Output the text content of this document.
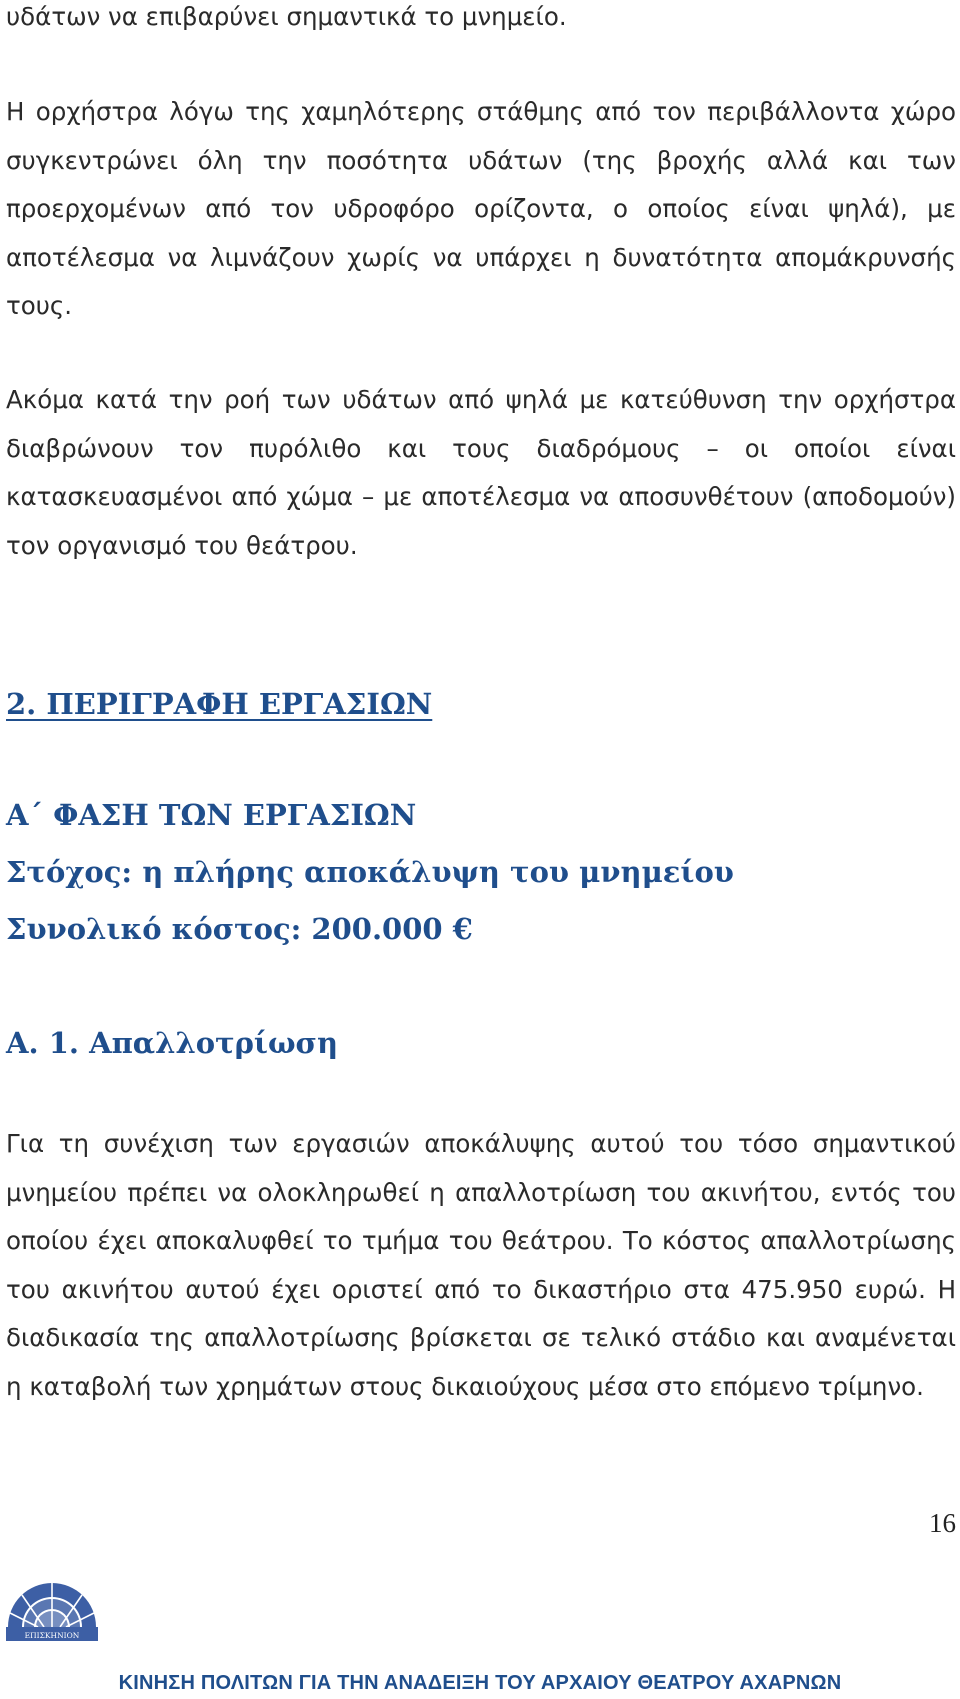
υδάτων να επιβαρύνει σημαντικά το μνημείο.

Η ορχήστρα λόγω της χαμηλότερης στάθμης από τον περιβάλλοντα χώρο συγκεντρώνει όλη την ποσότητα υδάτων (της βροχής αλλά και των προερχομένων από τον υδροφόρο ορίζοντα, ο οποίος είναι ψηλά), με αποτέλεσμα να λιμνάζουν χωρίς να υπάρχει η δυνατότητα απομάκρυνσής τους.

Ακόμα κατά την ροή των υδάτων από ψηλά με κατεύθυνση την ορχήστρα διαβρώνουν τον πυρόλιθο και τους διαδρόμους – οι οποίοι είναι κατασκευασμένοι από χώμα – με αποτέλεσμα να αποσυνθέτουν (αποδομούν) τον οργανισμό του θεάτρου.

2. ΠΕΡΙΓΡΑΦΗ ΕΡΓΑΣΙΩΝ
Α΄ ΦΑΣΗ ΤΩΝ ΕΡΓΑΣΙΩΝ
Στόχος: η πλήρης αποκάλυψη του μνημείου
Συνολικό κόστος: 200.000 €
Α. 1. Απαλλοτρίωση

Για τη συνέχιση των εργασιών αποκάλυψης αυτού του τόσο σημαντικού μνημείου πρέπει να ολοκληρωθεί η απαλλοτρίωση του ακινήτου, εντός του οποίου έχει αποκαλυφθεί το τμήμα του θεάτρου. Το κόστος απαλλοτρίωσης του ακινήτου αυτού έχει οριστεί από το δικαστήριο στα 475.950 ευρώ. Η διαδικασία της απαλλοτρίωσης βρίσκεται σε τελικό στάδιο και αναμένεται η καταβολή των χρημάτων στους δικαιούχους μέσα στο επόμενο τρίμηνο.

16
ΕΠΙΣΚΗΝΙΟΝ
ΚΙΝΗΣΗ ΠΟΛΙΤΩΝ ΓΙΑ ΤΗΝ ΑΝΑΔΕΙΞΗ ΤΟΥ ΑΡΧΑΙΟΥ ΘΕΑΤΡΟΥ ΑΧΑΡΝΩΝ
